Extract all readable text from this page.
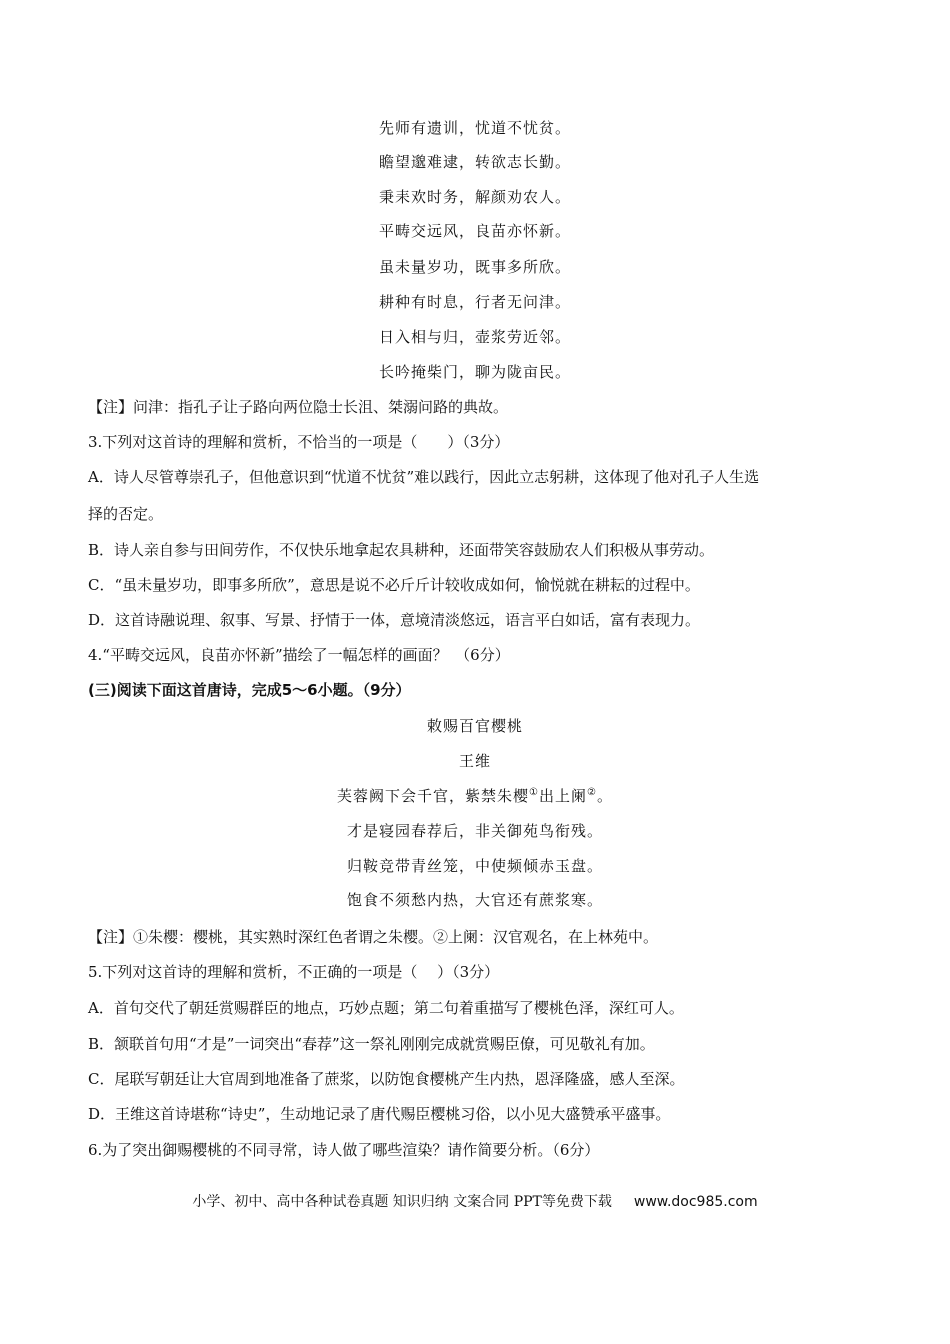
先师有遗训，忧道不忧贫。
瞻望邈难逮，转欲志长勤。
秉耒欢时务，解颜劝农人。
平畴交远风，良苗亦怀新。
虽未量岁功，既事多所欣。
耕种有时息，行者无问津。
日入相与归，壶浆劳近邻。
长吟掩柴门，聊为陇亩民。
【注】问津：指孔子让子路向两位隐士长沮、桀溺问路的典故。
3.下列对这首诗的理解和赏析，不恰当的一项是（　　）（3分）
A．诗人尽管尊崇孔子，但他意识到“忧道不忧贫”难以践行，因此立志躬耕，这体现了他对孔子人生选
择的否定。
B．诗人亲自参与田间劳作，不仅快乐地拿起农具耕种，还面带笑容鼓励农人们积极从事劳动。
C．“虽未量岁功，即事多所欣”，意思是说不必斤斤计较收成如何，愉悦就在耕耘的过程中。
D．这首诗融说理、叙事、写景、抒情于一体，意境清淡悠远，语言平白如话，富有表现力。
4.“平畴交远风，良苗亦怀新”描绘了一幅怎样的画面？　（6分）
(三)阅读下面这首唐诗，完成5～6小题。（9分）
敕赐百官樱桃
王维
芙蓉阙下会千官，紫禁朱樱①出上阑②。
才是寝园春荐后，非关御苑鸟衔残。
归鞍竞带青丝笼，中使频倾赤玉盘。
饱食不须愁内热，大官还有蔗浆寒。
【注】①朱樱：樱桃，其实熟时深红色者谓之朱樱。②上阑：汉官观名，在上林苑中。
5.下列对这首诗的理解和赏析，不正确的一项是（　 ）（3分）
A．首句交代了朝廷赏赐群臣的地点，巧妙点题；第二句着重描写了樱桃色泽，深红可人。
B．颔联首句用“才是”一词突出“春荐”这一祭礼刚刚完成就赏赐臣僚，可见敬礼有加。
C．尾联写朝廷让大官周到地准备了蔗浆，以防饱食樱桃产生内热，恩泽隆盛，感人至深。
D．王维这首诗堪称“诗史”，生动地记录了唐代赐臣樱桃习俗，以小见大盛赞承平盛事。
6.为了突出御赐樱桃的不同寻常，诗人做了哪些渲染？请作简要分析。（6分）
小学、初中、高中各种试卷真题 知识归纳 文案合同 PPT等免费下载 www.doc985.com
